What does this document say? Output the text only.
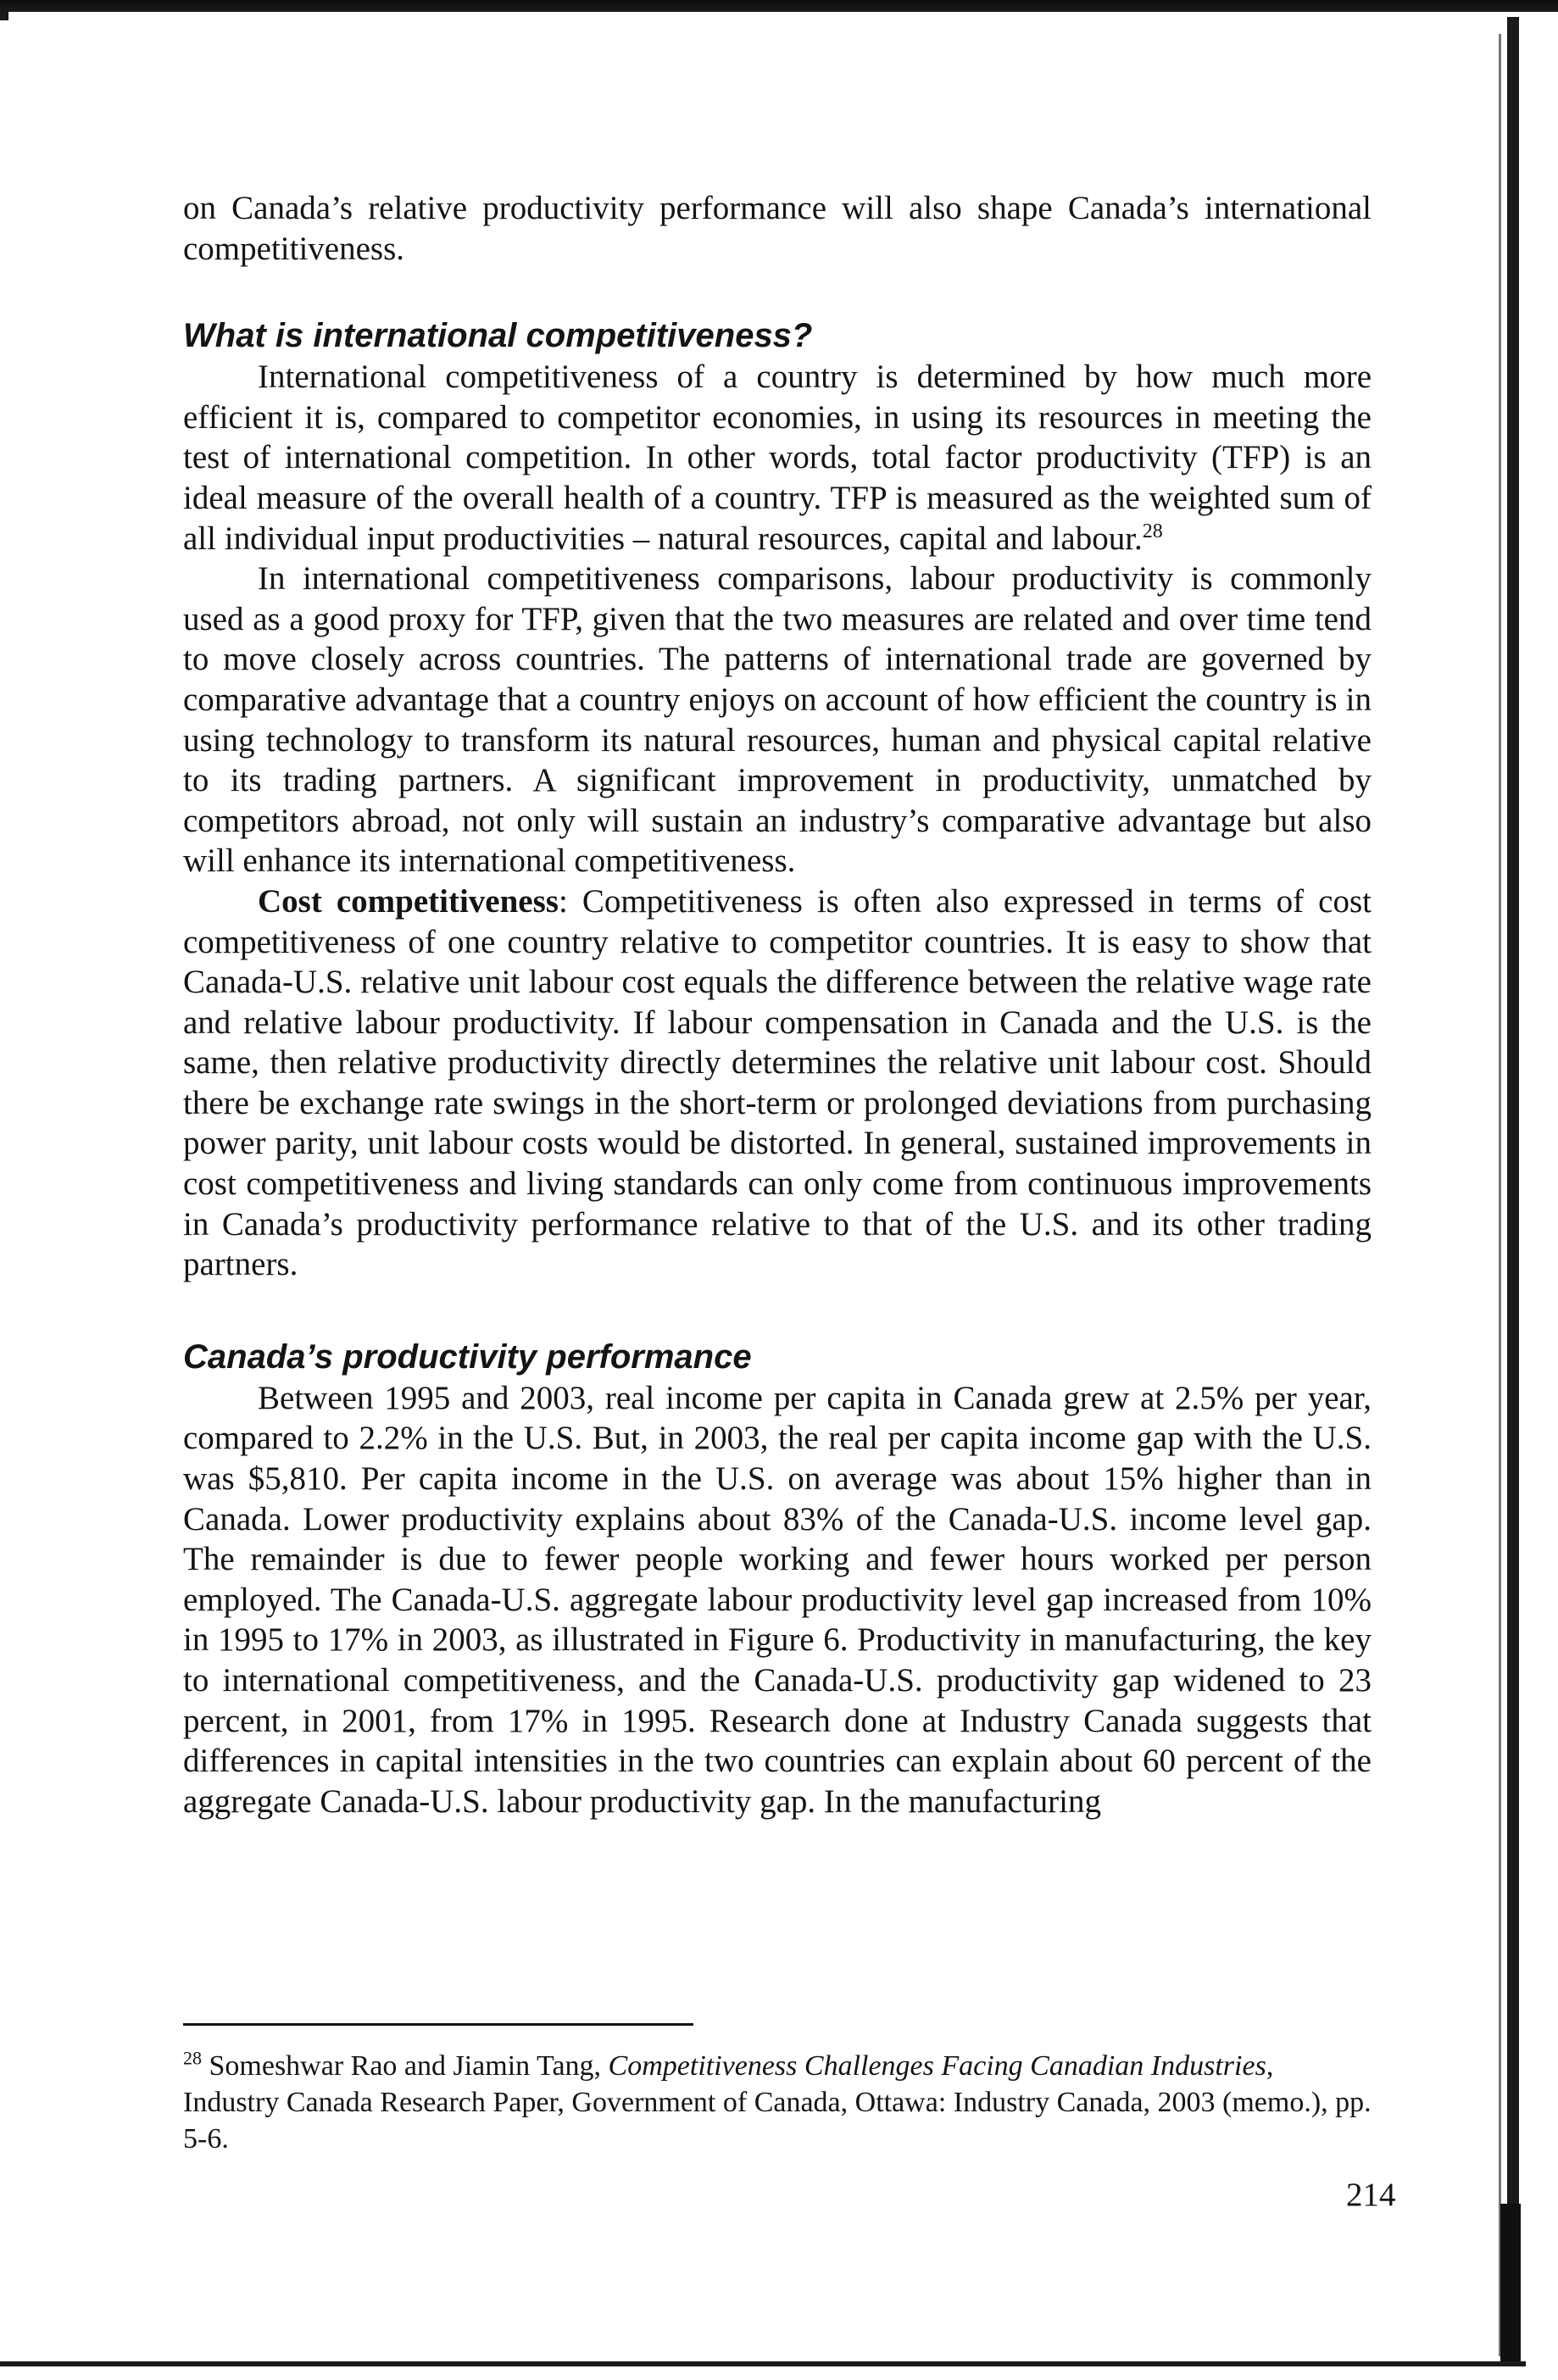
on Canada’s relative productivity performance will also shape Canada’s international competitiveness.

What is international competitiveness?

International competitiveness of a country is determined by how much more efficient it is, compared to competitor economies, in using its resources in meeting the test of international competition. In other words, total factor productivity (TFP) is an ideal measure of the overall health of a country. TFP is measured as the weighted sum of all individual input productivities – natural resources, capital and labour.$^{28}$

In international competitiveness comparisons, labour productivity is commonly used as a good proxy for TFP, given that the two measures are related and over time tend to move closely across countries. The patterns of international trade are governed by comparative advantage that a country enjoys on account of how efficient the country is in using technology to transform its natural resources, human and physical capital relative to its trading partners. A significant improvement in productivity, unmatched by competitors abroad, not only will sustain an industry’s comparative advantage but also will enhance its international competitiveness.

Cost competitiveness: Competitiveness is often also expressed in terms of cost competitiveness of one country relative to competitor countries. It is easy to show that Canada-U.S. relative unit labour cost equals the difference between the relative wage rate and relative labour productivity. If labour compensation in Canada and the U.S. is the same, then relative productivity directly determines the relative unit labour cost. Should there be exchange rate swings in the short-term or prolonged deviations from purchasing power parity, unit labour costs would be distorted. In general, sustained improvements in cost competitiveness and living standards can only come from continuous improvements in Canada’s productivity performance relative to that of the U.S. and its other trading partners.

Canada’s productivity performance

Between 1995 and 2003, real income per capita in Canada grew at 2.5% per year, compared to 2.2% in the U.S. But, in 2003, the real per capita income gap with the U.S. was $5,810. Per capita income in the U.S. on average was about 15% higher than in Canada. Lower productivity explains about 83% of the Canada-U.S. income level gap. The remainder is due to fewer people working and fewer hours worked per person employed. The Canada-U.S. aggregate labour productivity level gap increased from 10% in 1995 to 17% in 2003, as illustrated in Figure 6. Productivity in manufacturing, the key to international competitiveness, and the Canada-U.S. productivity gap widened to 23 percent, in 2001, from 17% in 1995. Research done at Industry Canada suggests that differences in capital intensities in the two countries can explain about 60 percent of the aggregate Canada-U.S. labour productivity gap. In the manufacturing

$^{28}$ Someshwar Rao and Jiamin Tang, Competitiveness Challenges Facing Canadian Industries, Industry Canada Research Paper, Government of Canada, Ottawa: Industry Canada, 2003 (memo.), pp. 5-6.

214
